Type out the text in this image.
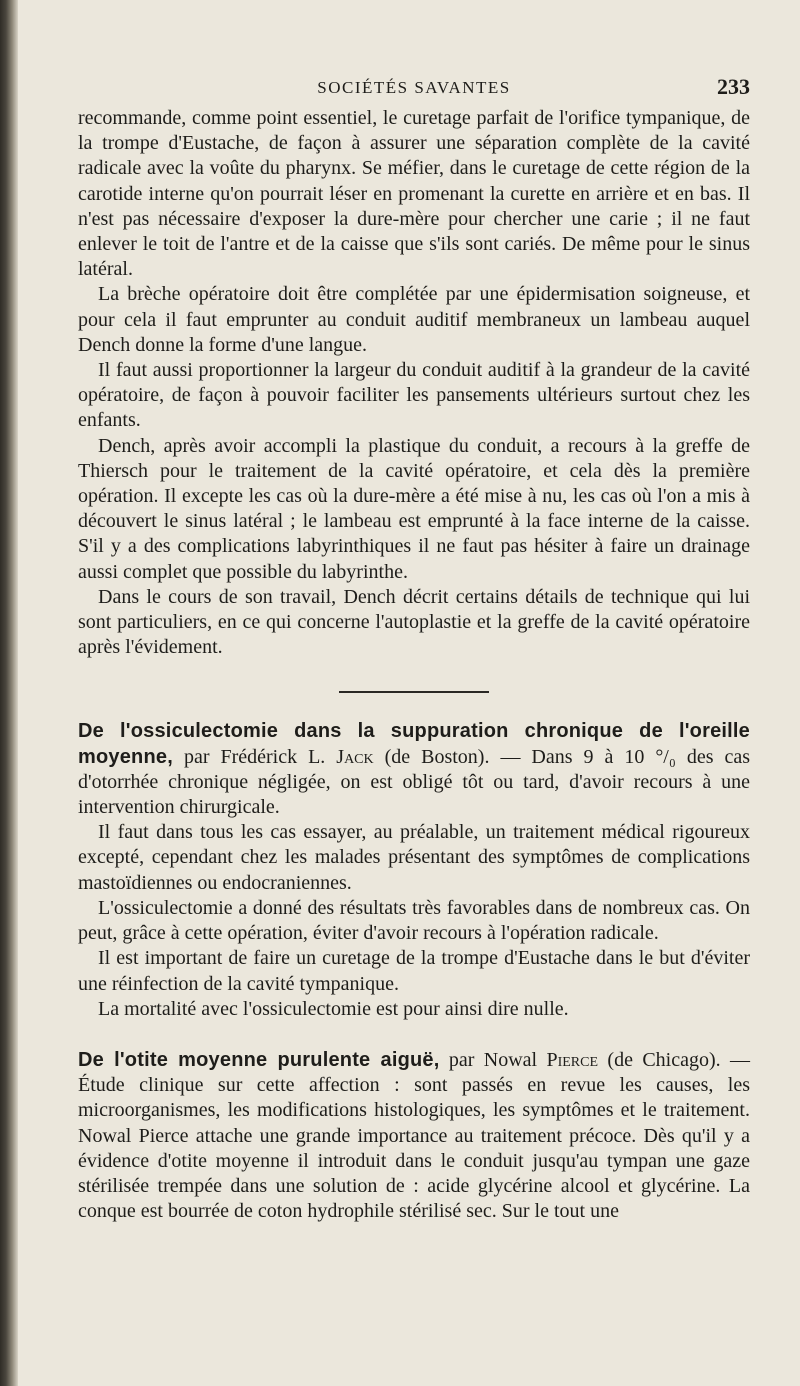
SOCIÉTÉS SAVANTES	233

recommande, comme point essentiel, le curetage parfait de l'orifice tympanique, de la trompe d'Eustache, de façon à assurer une séparation complète de la cavité radicale avec la voûte du pharynx. Se méfier, dans le curetage de cette région de la carotide interne qu'on pourrait léser en promenant la curette en arrière et en bas. Il n'est pas nécessaire d'exposer la dure-mère pour chercher une carie ; il ne faut enlever le toit de l'antre et de la caisse que s'ils sont cariés. De même pour le sinus latéral.

La brèche opératoire doit être complétée par une épidermisation soigneuse, et pour cela il faut emprunter au conduit auditif membraneux un lambeau auquel Dench donne la forme d'une langue.

Il faut aussi proportionner la largeur du conduit auditif à la grandeur de la cavité opératoire, de façon à pouvoir faciliter les pansements ultérieurs surtout chez les enfants.

Dench, après avoir accompli la plastique du conduit, a recours à la greffe de Thiersch pour le traitement de la cavité opératoire, et cela dès la première opération. Il excepte les cas où la dure-mère a été mise à nu, les cas où l'on a mis à découvert le sinus latéral ; le lambeau est emprunté à la face interne de la caisse. S'il y a des complications labyrinthiques il ne faut pas hésiter à faire un drainage aussi complet que possible du labyrinthe.

Dans le cours de son travail, Dench décrit certains détails de technique qui lui sont particuliers, en ce qui concerne l'autoplastie et la greffe de la cavité opératoire après l'évidement.

De l'ossiculectomie dans la suppuration chronique de l'oreille moyenne, par Frédérick L. Jack (de Boston). — Dans 9 à 10 °/₀ des cas d'otorrhée chronique négligée, on est obligé tôt ou tard, d'avoir recours à une intervention chirurgicale.

Il faut dans tous les cas essayer, au préalable, un traitement médical rigoureux excepté, cependant chez les malades présentant des symptômes de complications mastoïdiennes ou endocraniennes.

L'ossiculectomie a donné des résultats très favorables dans de nombreux cas. On peut, grâce à cette opération, éviter d'avoir recours à l'opération radicale.

Il est important de faire un curetage de la trompe d'Eustache dans le but d'éviter une réinfection de la cavité tympanique.

La mortalité avec l'ossiculectomie est pour ainsi dire nulle.

De l'otite moyenne purulente aiguë, par Nowal Pierce (de Chicago). — Étude clinique sur cette affection : sont passés en revue les causes, les microorganismes, les modifications histologiques, les symptômes et le traitement. Nowal Pierce attache une grande importance au traitement précoce. Dès qu'il y a évidence d'otite moyenne il introduit dans le conduit jusqu'au tympan une gaze stérilisée trempée dans une solution de : acide glycérine alcool et glycérine. La conque est bourrée de coton hydrophile stérilisé sec. Sur le tout une
